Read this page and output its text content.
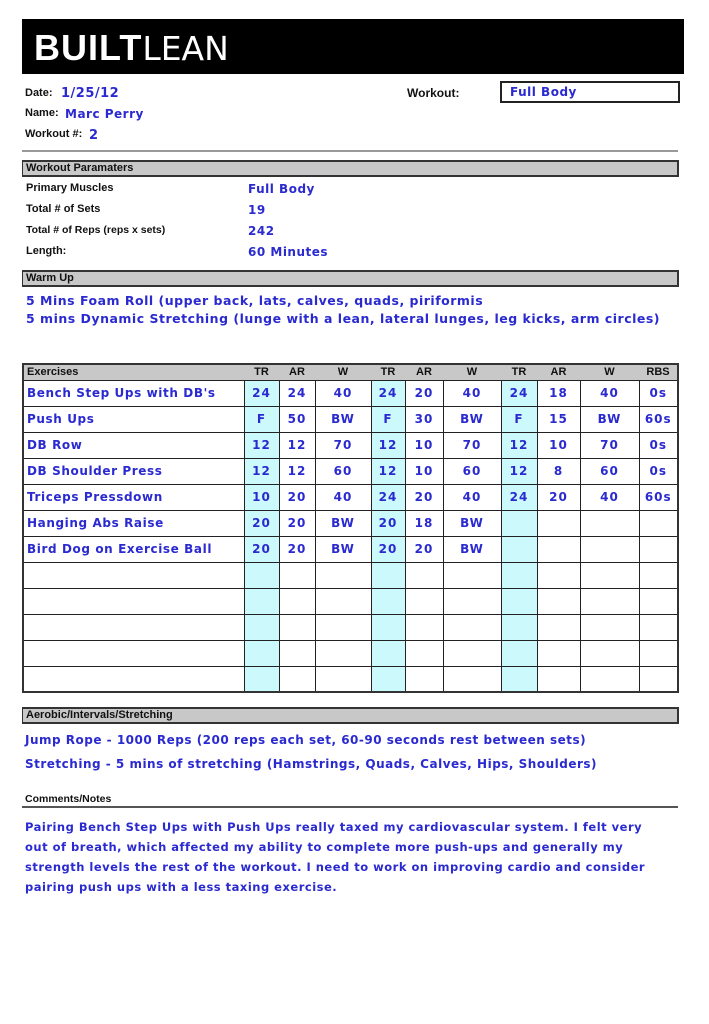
BUILTLEAN
Date: 1/25/12
Name: Marc Perry
Workout #: 2
Workout:	Full Body
Workout Paramaters
Primary Muscles	Full Body
Total # of Sets	19
Total # of Reps (reps x sets)	242
Length:	60 Minutes
Warm Up
5 Mins Foam Roll (upper back, lats, calves, quads, piriformis
5 mins Dynamic Stretching (lunge with a lean, lateral lunges, leg kicks, arm circles)
Exercises	TR	AR	W	TR	AR	W	TR	AR	W	RBS
Bench Step Ups with DB's	24	24	40	24	20	40	24	18	40	0s
Push Ups	F	50	BW	F	30	BW	F	15	BW	60s
DB Row	12	12	70	12	10	70	12	10	70	0s
DB Shoulder Press	12	12	60	12	10	60	12	8	60	0s
Triceps Pressdown	10	20	40	24	20	40	24	20	40	60s
Hanging Abs Raise	20	20	BW	20	18	BW				
Bird Dog on Exercise Ball	20	20	BW	20	20	BW				

Aerobic/Intervals/Stretching
Jump Rope - 1000 Reps (200 reps each set, 60-90 seconds rest between sets)
Stretching - 5 mins of stretching (Hamstrings, Quads, Calves, Hips, Shoulders)
Comments/Notes
Pairing Bench Step Ups with Push Ups really taxed my cardiovascular system. I felt very
out of breath, which affected my ability to complete more push-ups and generally my
strength levels the rest of the workout. I need to work on improving cardio and consider
pairing push ups with a less taxing exercise.
